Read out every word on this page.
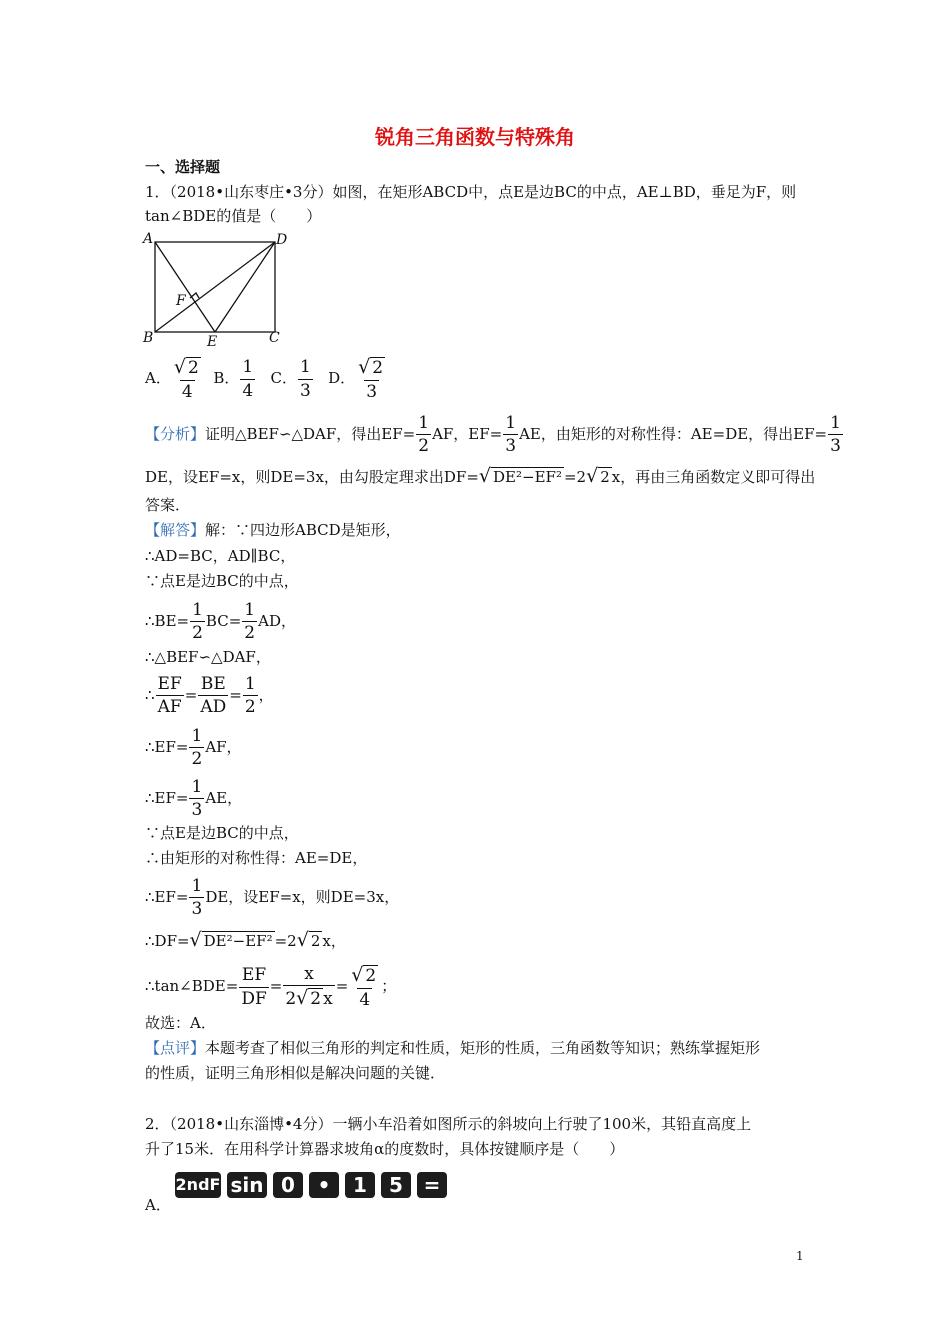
锐角三角函数与特殊角
一、选择题
1．（2018•山东枣庄•3分）如图，在矩形ABCD中，点E是边BC的中点，AE⊥BD，垂足为F，则
tan∠BDE的值是（　　）
A	D
B	E	C
F
A． $\frac{√ 2}{4}$ B． $\frac{1}{4}$ C． $\frac{1}{3}$ D． $\frac{√ 2}{3}$
【分析】证明△BEF∽△DAF，得出$EF= \frac{1}{2}$ AF，$EF= \frac{1}{3}$ AE，由矩形的对称性得：AE=DE，得出$EF= \frac{1}{3}$
DE，设EF=x，则DE=3x，由勾股定理求出DF=√ DE²−EF² =2√ 2 x，再由三角函数定义即可得出
答案．
【解答】解：∵四边形ABCD是矩形，
∴AD=BC，AD∥BC，
∵点E是边BC的中点，
∴BE= $\frac{1}{2} BC= \frac{1}{2}$ AD，
∴△BEF∽△DAF，
∴ $\frac{EF}{AF} = \frac{BE}{AD} = \frac{1}{2}$ ，
∴EF= $\frac{1}{2}$ AF，
∴EF= $\frac{1}{3}$ AE，
∵点E是边BC的中点，
∴由矩形的对称性得：AE=DE，
∴EF= $\frac{1}{3}$ DE，设EF=x，则DE=3x，
∴DF=√ DE²−EF² =2√ 2 x，
∴tan∠BDE= $\frac{EF}{DF} = \frac{x}{2√ 2 x} = \frac{√ 2}{4}$ ；
故选：A．
【点评】本题考查了相似三角形的判定和性质，矩形的性质，三角函数等知识；熟练掌握矩形
的性质，证明三角形相似是解决问题的关键．
2．（2018•山东淄博•4分）一辆小车沿着如图所示的斜坡向上行驶了100米，其铅直高度上
升了15米．在用科学计算器求坡角α的度数时，具体按键顺序是（　　）
A．
2ndF sin 0	•	1	5	=
1
